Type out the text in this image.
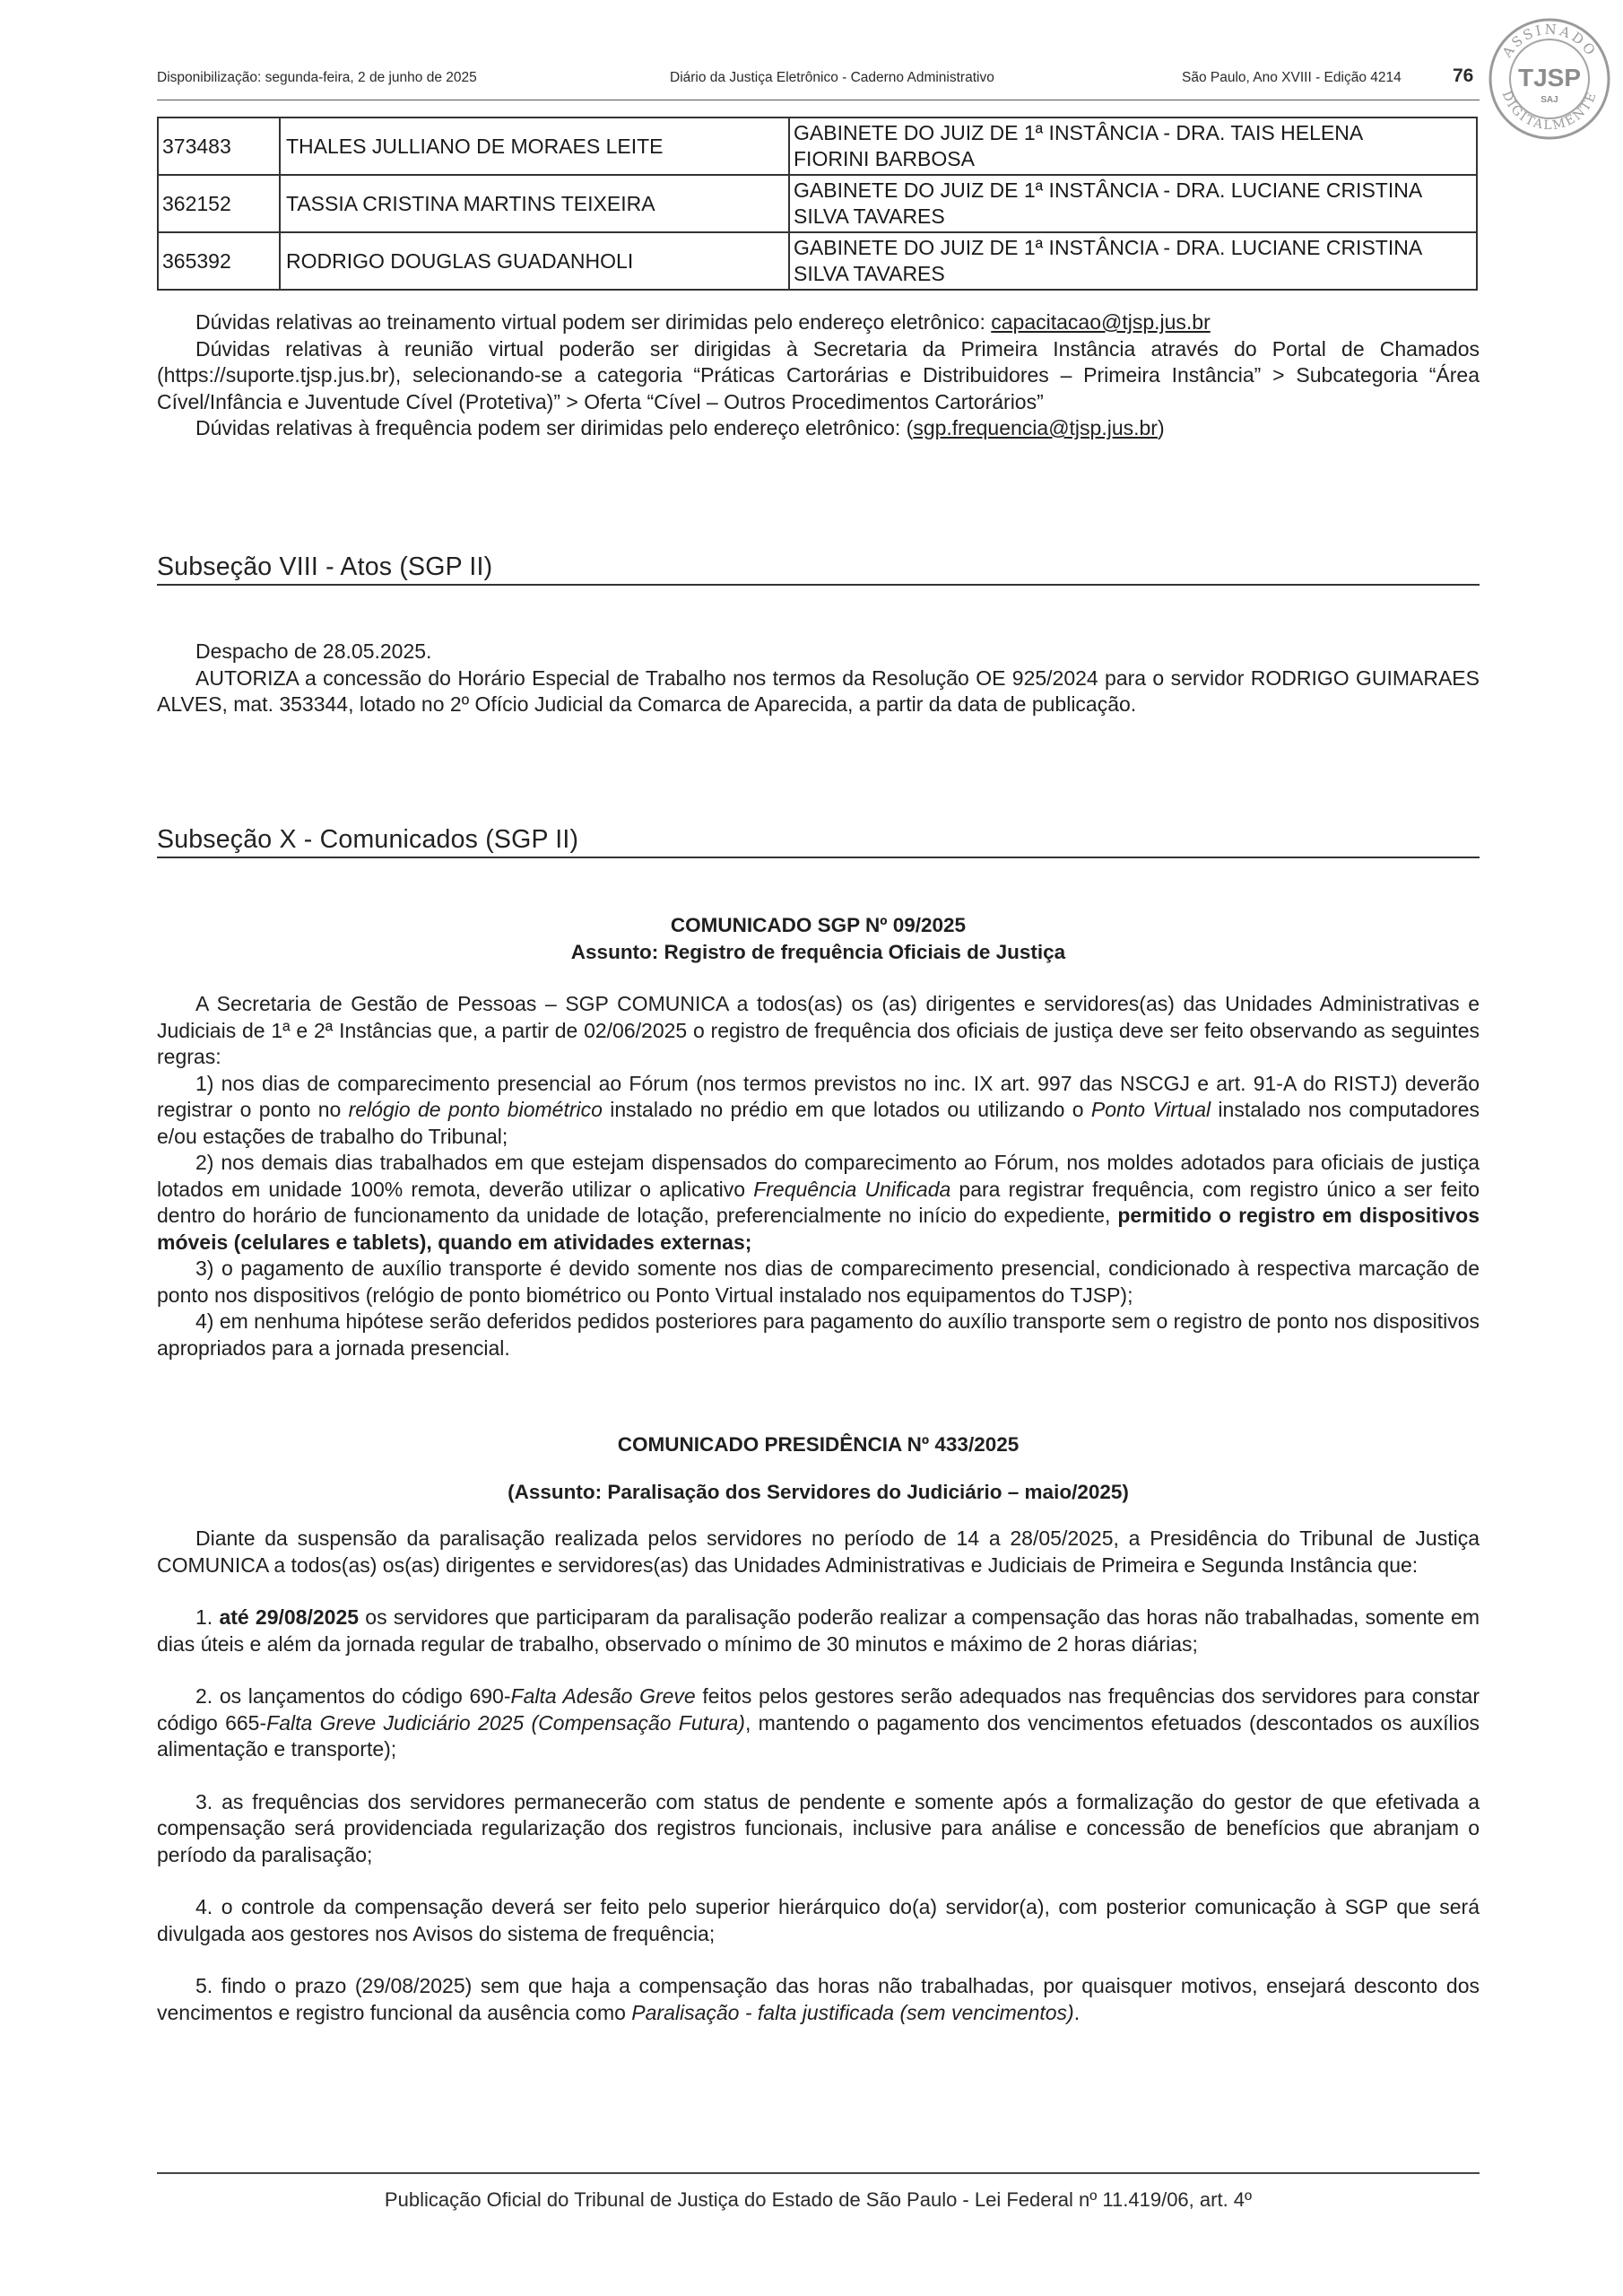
ASSINADO
DIGITALMENTE
TJSP
SAJ
Disponibilização: segunda-feira, 2 de junho de 2025	Diário da Justiça Eletrônico - Caderno Administrativo	São Paulo, Ano XVIII - Edição 4214	76
373483	THALES JULLIANO DE MORAES LEITE	GABINETE DO JUIZ DE 1ª INSTÂNCIA - DRA. TAIS HELENA
FIORINI BARBOSA
362152	TASSIA CRISTINA MARTINS TEIXEIRA	GABINETE DO JUIZ DE 1ª INSTÂNCIA - DRA. LUCIANE CRISTINA
SILVA TAVARES
365392	RODRIGO DOUGLAS GUADANHOLI	GABINETE DO JUIZ DE 1ª INSTÂNCIA - DRA. LUCIANE CRISTINA
SILVA TAVARES

Dúvidas relativas ao treinamento virtual podem ser dirimidas pelo endereço eletrônico: capacitacao@tjsp.jus.br

Dúvidas relativas à reunião virtual poderão ser dirigidas à Secretaria da Primeira Instância através do Portal de Chamados (https://suporte.tjsp.jus.br), selecionando-se a categoria “Práticas Cartorárias e Distribuidores – Primeira Instância” > Subcategoria “Área Cível/Infância e Juventude Cível (Protetiva)” > Oferta “Cível – Outros Procedimentos Cartorários”

Dúvidas relativas à frequência podem ser dirimidas pelo endereço eletrônico: (sgp.frequencia@tjsp.jus.br)

Subseção VIII - Atos (SGP II)

Despacho de 28.05.2025.

AUTORIZA a concessão do Horário Especial de Trabalho nos termos da Resolução OE 925/2024 para o servidor RODRIGO GUIMARAES ALVES, mat. 353344, lotado no 2º Ofício Judicial da Comarca de Aparecida, a partir da data de publicação.

Subseção X - Comunicados (SGP II)

COMUNICADO SGP Nº 09/2025

Assunto: Registro de frequência Oficiais de Justiça

A Secretaria de Gestão de Pessoas – SGP COMUNICA a todos(as) os (as) dirigentes e servidores(as) das Unidades Administrativas e Judiciais de 1ª e 2ª Instâncias que, a partir de 02/06/2025 o registro de frequência dos oficiais de justiça deve ser feito observando as seguintes regras:

1) nos dias de comparecimento presencial ao Fórum (nos termos previstos no inc. IX art. 997 das NSCGJ e art. 91-A do RISTJ) deverão registrar o ponto no relógio de ponto biométrico instalado no prédio em que lotados ou utilizando o Ponto Virtual instalado nos computadores e/ou estações de trabalho do Tribunal;

2) nos demais dias trabalhados em que estejam dispensados do comparecimento ao Fórum, nos moldes adotados para oficiais de justiça lotados em unidade 100% remota, deverão utilizar o aplicativo Frequência Unificada para registrar frequência, com registro único a ser feito dentro do horário de funcionamento da unidade de lotação, preferencialmente no início do expediente, permitido o registro em dispositivos móveis (celulares e tablets), quando em atividades externas;

3) o pagamento de auxílio transporte é devido somente nos dias de comparecimento presencial, condicionado à respectiva marcação de ponto nos dispositivos (relógio de ponto biométrico ou Ponto Virtual instalado nos equipamentos do TJSP);

4) em nenhuma hipótese serão deferidos pedidos posteriores para pagamento do auxílio transporte sem o registro de ponto nos dispositivos apropriados para a jornada presencial.

COMUNICADO PRESIDÊNCIA Nº 433/2025

(Assunto: Paralisação dos Servidores do Judiciário – maio/2025)

Diante da suspensão da paralisação realizada pelos servidores no período de 14 a 28/05/2025, a Presidência do Tribunal de Justiça COMUNICA a todos(as) os(as) dirigentes e servidores(as) das Unidades Administrativas e Judiciais de Primeira e Segunda Instância que:

1. até 29/08/2025 os servidores que participaram da paralisação poderão realizar a compensação das horas não trabalhadas, somente em dias úteis e além da jornada regular de trabalho, observado o mínimo de 30 minutos e máximo de 2 horas diárias;

2. os lançamentos do código 690-Falta Adesão Greve feitos pelos gestores serão adequados nas frequências dos servidores para constar código 665-Falta Greve Judiciário 2025 (Compensação Futura), mantendo o pagamento dos vencimentos efetuados (descontados os auxílios alimentação e transporte);

3. as frequências dos servidores permanecerão com status de pendente e somente após a formalização do gestor de que efetivada a compensação será providenciada regularização dos registros funcionais, inclusive para análise e concessão de benefícios que abranjam o período da paralisação;

4. o controle da compensação deverá ser feito pelo superior hierárquico do(a) servidor(a), com posterior comunicação à SGP que será divulgada aos gestores nos Avisos do sistema de frequência;

5. findo o prazo (29/08/2025) sem que haja a compensação das horas não trabalhadas, por quaisquer motivos, ensejará desconto dos vencimentos e registro funcional da ausência como Paralisação - falta justificada (sem vencimentos).

Publicação Oficial do Tribunal de Justiça do Estado de São Paulo - Lei Federal nº 11.419/06, art. 4º
